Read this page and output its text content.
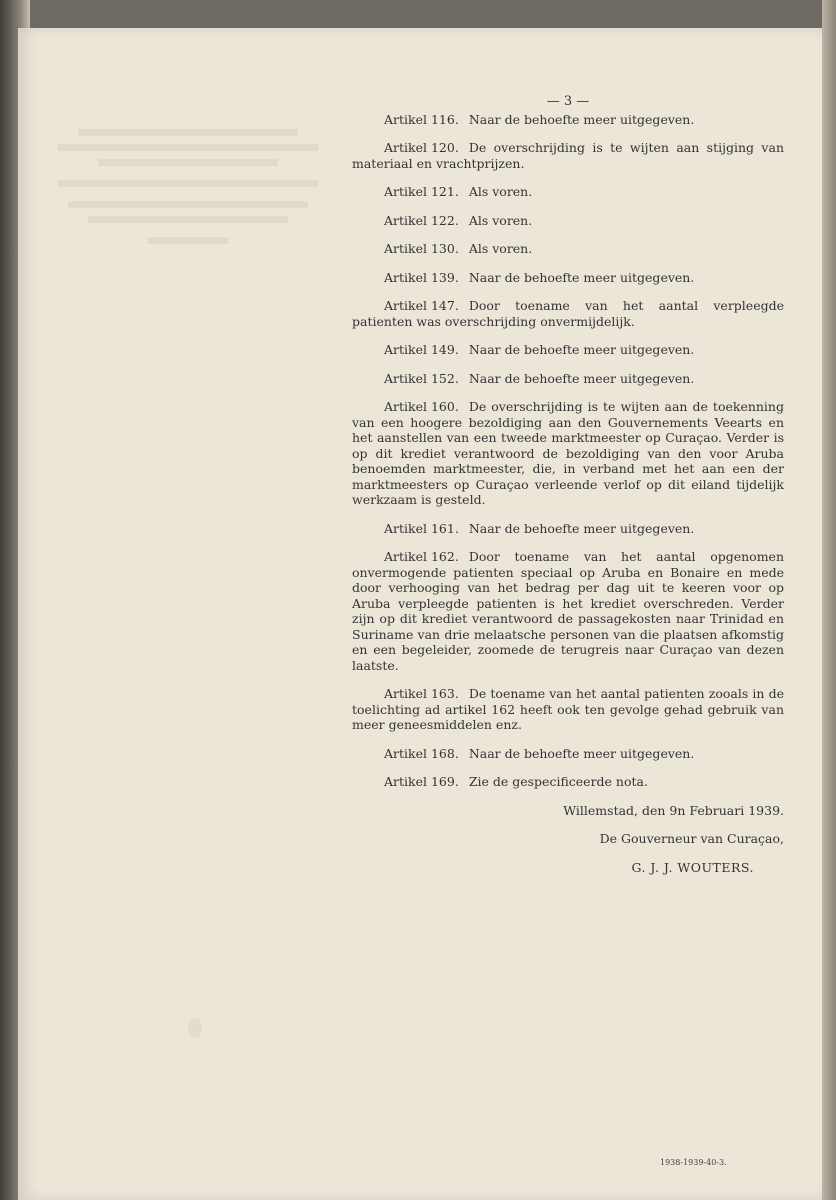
— 3 —

Artikel 116. Naar de behoefte meer uitgegeven.

Artikel 120. De overschrijding is te wijten aan stijging van materiaal en vrachtprijzen.

Artikel 121. Als voren.

Artikel 122. Als voren.

Artikel 130. Als voren.

Artikel 139. Naar de behoefte meer uitgegeven.

Artikel 147. Door toename van het aantal verpleegde patienten was overschrijding onvermijdelijk.

Artikel 149. Naar de behoefte meer uitgegeven.

Artikel 152. Naar de behoefte meer uitgegeven.

Artikel 160. De overschrijding is te wijten aan de toekenning van een hoogere bezoldiging aan den Gouvernements Veearts en het aanstellen van een tweede marktmeester op Curaçao. Verder is op dit krediet verantwoord de bezoldiging van den voor Aruba benoemden marktmeester, die, in verband met het aan een der marktmeesters op Curaçao verleende verlof op dit eiland tijdelijk werkzaam is gesteld.

Artikel 161. Naar de behoefte meer uitgegeven.

Artikel 162. Door toename van het aantal opgenomen onvermogende patienten speciaal op Aruba en Bonaire en mede door verhooging van het bedrag per dag uit te keeren voor op Aruba verpleegde patienten is het krediet overschreden. Verder zijn op dit krediet verantwoord de passagekosten naar Trinidad en Suriname van drie melaatsche personen van die plaatsen afkomstig en een begeleider, zoomede de terugreis naar Curaçao van dezen laatste.

Artikel 163. De toename van het aantal patienten zooals in de toelichting ad artikel 162 heeft ook ten gevolge gehad gebruik van meer geneesmiddelen enz.

Artikel 168. Naar de behoefte meer uitgegeven.

Artikel 169. Zie de gespecificeerde nota.

Willemstad, den 9n Februari 1939.

De Gouverneur van Curaçao,

G. J. J. WOUTERS.

1938-1939-40-3.
